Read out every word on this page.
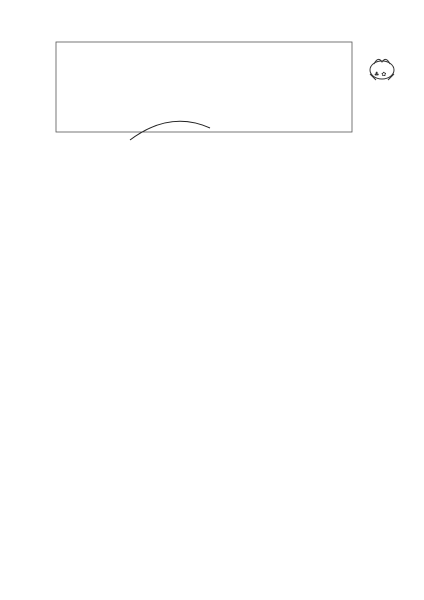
♣ ✿
